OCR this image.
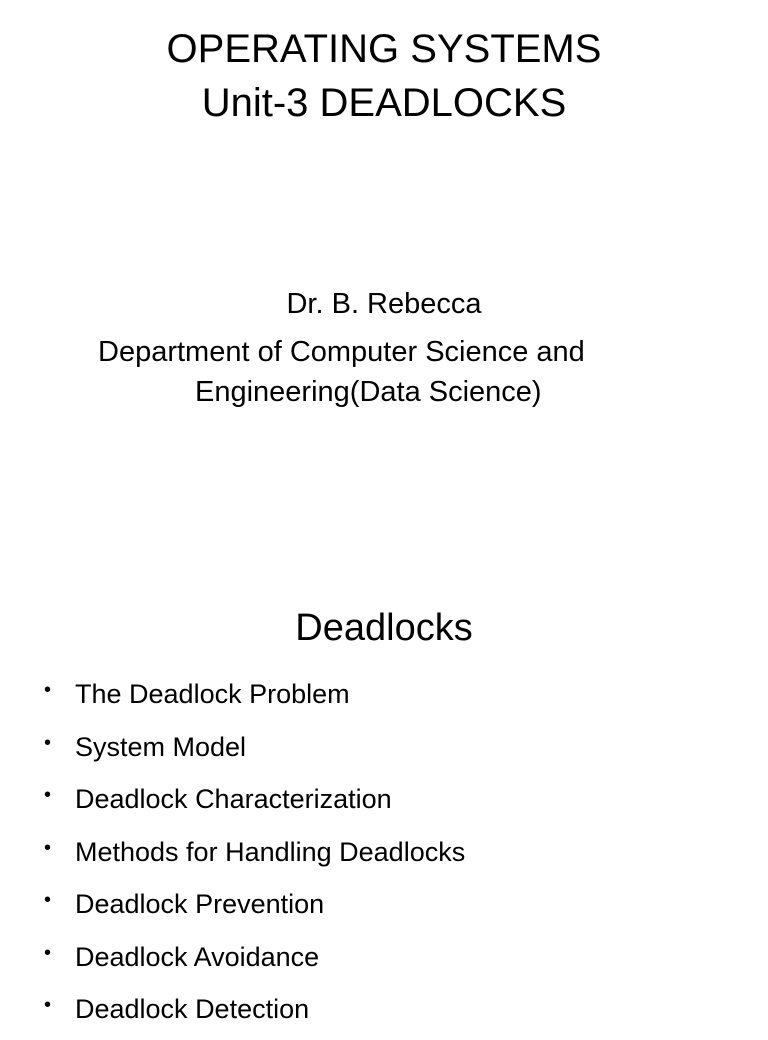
OPERATING SYSTEMS
Unit-3 DEADLOCKS
Dr. B. Rebecca
Department of Computer Science and
Engineering(Data Science)
Deadlocks
• The Deadlock Problem
• System Model
• Deadlock Characterization
• Methods for Handling Deadlocks
• Deadlock Prevention
• Deadlock Avoidance
• Deadlock Detection
